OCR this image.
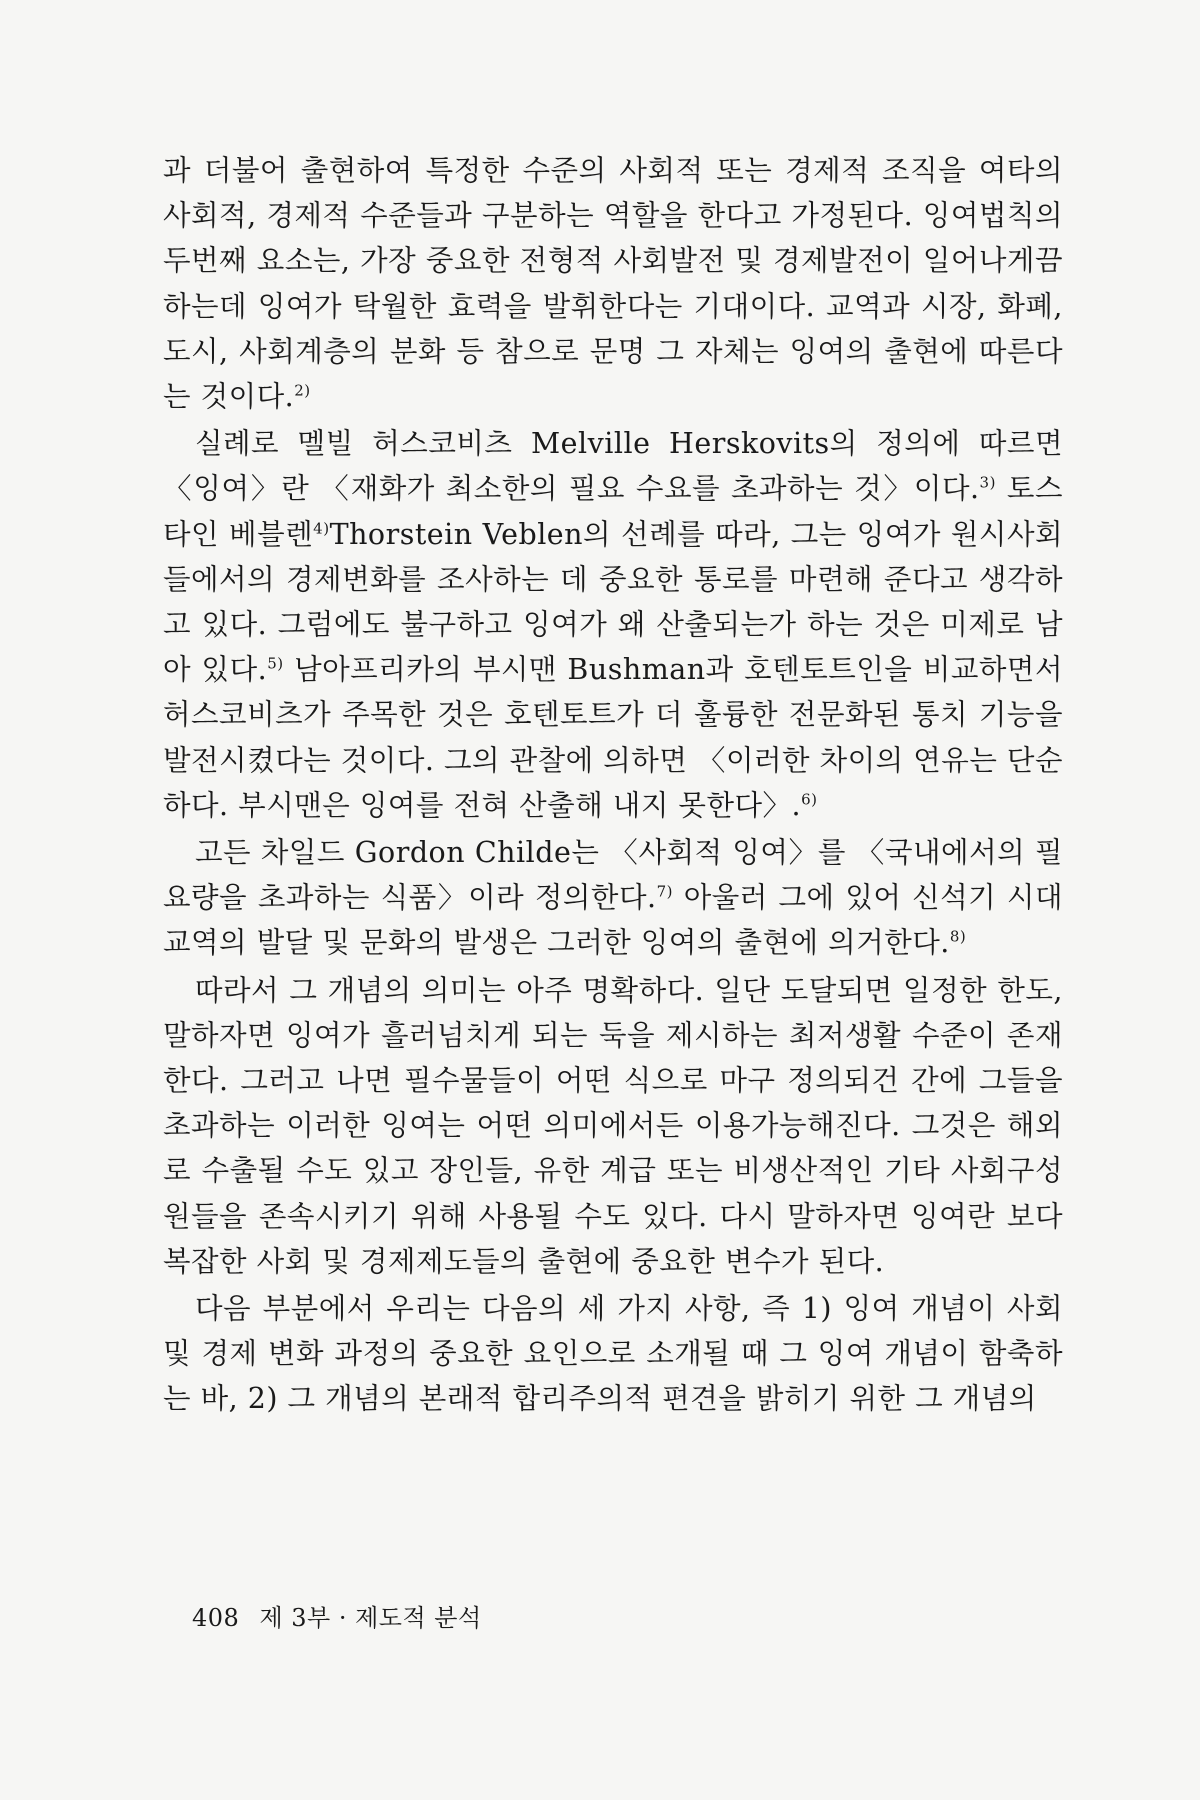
과 더불어 출현하여 특정한 수준의 사회적 또는 경제적 조직을 여타의 사회적, 경제적 수준들과 구분하는 역할을 한다고 가정된다. 잉여법칙의 두번째 요소는, 가장 중요한 전형적 사회발전 및 경제발전이 일어나게끔 하는데 잉여가 탁월한 효력을 발휘한다는 기대이다. 교역과 시장, 화폐, 도시, 사회계층의 분화 등 참으로 문명 그 자체는 잉여의 출현에 따른다는 것이다.$^{2)}$

실례로 멜빌 허스코비츠 Melville Herskovits의 정의에 따르면 〈잉여〉란 〈재화가 최소한의 필요 수요를 초과하는 것〉이다.$^{3)}$ 토스타인 베블렌$^{4)}$Thorstein Veblen의 선례를 따라, 그는 잉여가 원시사회들에서의 경제변화를 조사하는 데 중요한 통로를 마련해 준다고 생각하고 있다. 그럼에도 불구하고 잉여가 왜 산출되는가 하는 것은 미제로 남아 있다.$^{5)}$ 남아프리카의 부시맨 Bushman과 호텐토트인을 비교하면서 허스코비츠가 주목한 것은 호텐토트가 더 훌륭한 전문화된 통치 기능을 발전시켰다는 것이다. 그의 관찰에 의하면 〈이러한 차이의 연유는 단순하다. 부시맨은 잉여를 전혀 산출해 내지 못한다〉.$^{6)}$

고든 차일드 Gordon Childe는 〈사회적 잉여〉를 〈국내에서의 필요량을 초과하는 식품〉이라 정의한다.$^{7)}$ 아울러 그에 있어 신석기 시대 교역의 발달 및 문화의 발생은 그러한 잉여의 출현에 의거한다.$^{8)}$

따라서 그 개념의 의미는 아주 명확하다. 일단 도달되면 일정한 한도, 말하자면 잉여가 흘러넘치게 되는 둑을 제시하는 최저생활 수준이 존재한다. 그러고 나면 필수물들이 어떤 식으로 마구 정의되건 간에 그들을 초과하는 이러한 잉여는 어떤 의미에서든 이용가능해진다. 그것은 해외로 수출될 수도 있고 장인들, 유한 계급 또는 비생산적인 기타 사회구성원들을 존속시키기 위해 사용될 수도 있다. 다시 말하자면 잉여란 보다 복잡한 사회 및 경제제도들의 출현에 중요한 변수가 된다.

다음 부분에서 우리는 다음의 세 가지 사항, 즉 1) 잉여 개념이 사회 및 경제 변화 과정의 중요한 요인으로 소개될 때 그 잉여 개념이 함축하는 바, 2) 그 개념의 본래적 합리주의적 편견을 밝히기 위한 그 개념의

408 제 3부 · 제도적 분석
